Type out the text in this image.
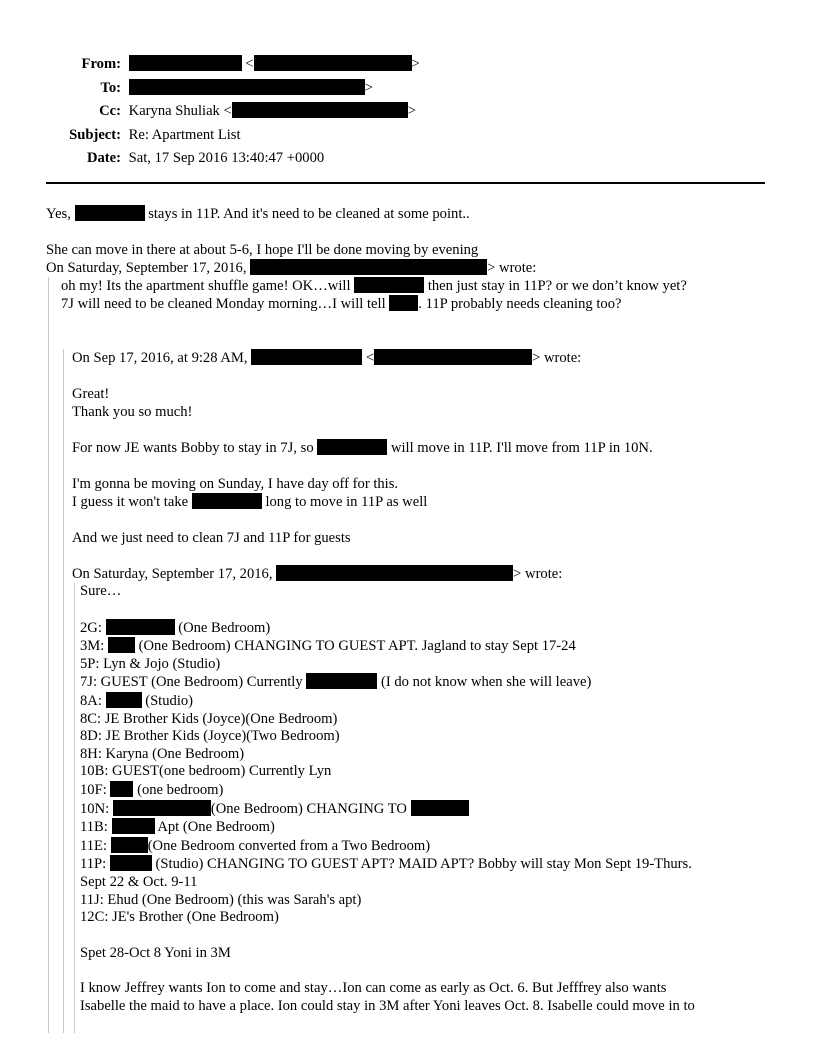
From:	<	>
To:	>
Cc: Karyna Shuliak <	>
Subject: Re: Apartment List
Date: Sat, 17 Sep 2016 13:40:47 +0000
Yes,	stays in 11P. And it's need to be cleaned at some point..
She can move in there at about 5-6, I hope I'll be done moving by evening
On Saturday, September 17, 2016,	> wrote:
oh my! Its the apartment shuffle game! OK…will	then just stay in 11P? or we don’t know yet?
7J will need to be cleaned Monday morning…I will tell . 11P probably needs cleaning too?
On Sep 17, 2016, at 9:28 AM,	<	> wrote:
Great!
Thank you so much!
For now JE wants Bobby to stay in 7J, so	will move in 11P. I'll move from 11P in 10N.
I'm gonna be moving on Sunday, I have day off for this.
I guess it won't take	long to move in 11P as well
And we just need to clean 7J and 11P for guests
On Saturday, September 17, 2016,	> wrote:
Sure…
2G:	(One Bedroom)
3M: (One Bedroom) CHANGING TO GUEST APT. Jagland to stay Sept 17-24
5P: Lyn & Jojo (Studio)
7J: GUEST (One Bedroom) Currently	(I do not know when she will leave)
8A:	(Studio)
8C: JE Brother Kids (Joyce)(One Bedroom)
8D: JE Brother Kids (Joyce)(Two Bedroom)
8H: Karyna (One Bedroom)
10B: GUEST(one bedroom) Currently Lyn
10F: (one bedroom)
10N:	(One Bedroom) CHANGING TO
11B:	Apt (One Bedroom)
11E:	(One Bedroom converted from a Two Bedroom)
11P:	(Studio) CHANGING TO GUEST APT? MAID APT? Bobby will stay Mon Sept 19-Thurs.
Sept 22 & Oct. 9-11
11J: Ehud (One Bedroom) (this was Sarah's apt)
12C: JE's Brother (One Bedroom)
Spet 28-Oct 8 Yoni in 3M
I know Jeffrey wants Ion to come and stay…Ion can come as early as Oct. 6. But Jefffrey also wants
Isabelle the maid to have a place. Ion could stay in 3M after Yoni leaves Oct. 8. Isabelle could move in to
